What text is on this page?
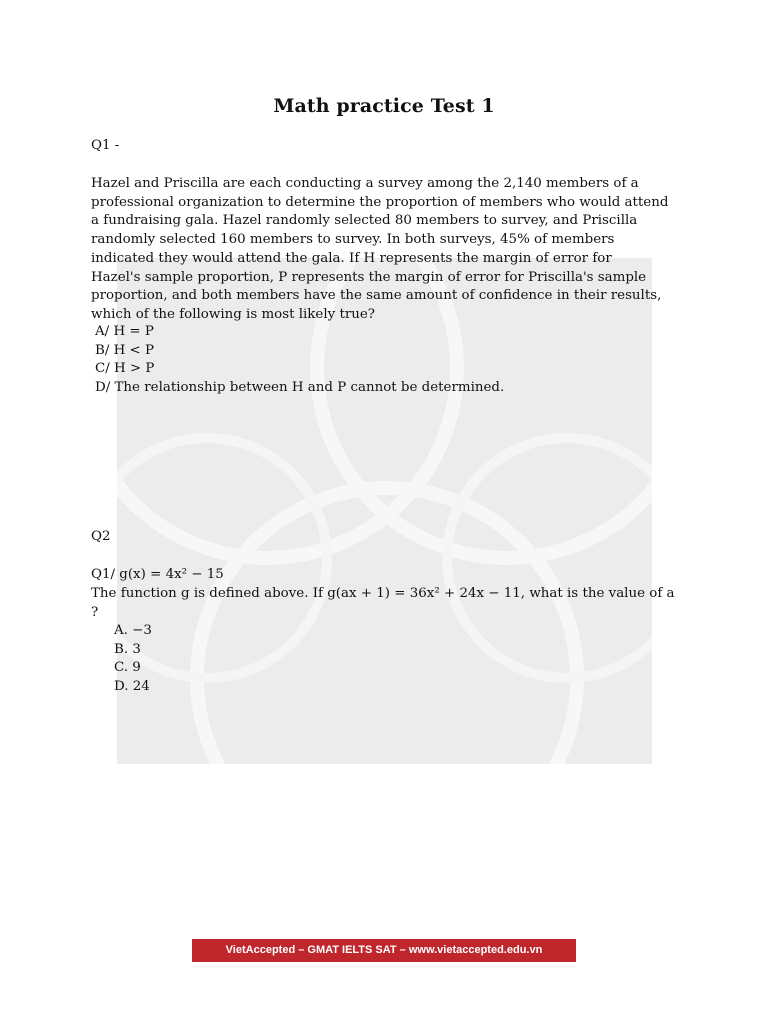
Math practice Test 1
Q1 -
Hazel and Priscilla are each conducting a survey among the 2,140 members of a
professional organization to determine the proportion of members who would attend
a fundraising gala. Hazel randomly selected 80 members to survey, and Priscilla
randomly selected 160 members to survey. In both surveys, 45% of members
indicated they would attend the gala. If H represents the margin of error for
Hazel's sample proportion, P represents the margin of error for Priscilla's sample
proportion, and both members have the same amount of confidence in their results,
which of the following is most likely true?
A/ H = P
B/ H < P
C/ H > P
D/ The relationship between H and P cannot be determined.
Q2
Q1/ g(x) = 4x² − 15
The function g is defined above. If g(ax + 1) = 36x² + 24x − 11, what is the value of a
?
A. −3
B. 3
C. 9
D. 24
VietAccepted – GMAT IELTS SAT – www.vietaccepted.edu.vn
